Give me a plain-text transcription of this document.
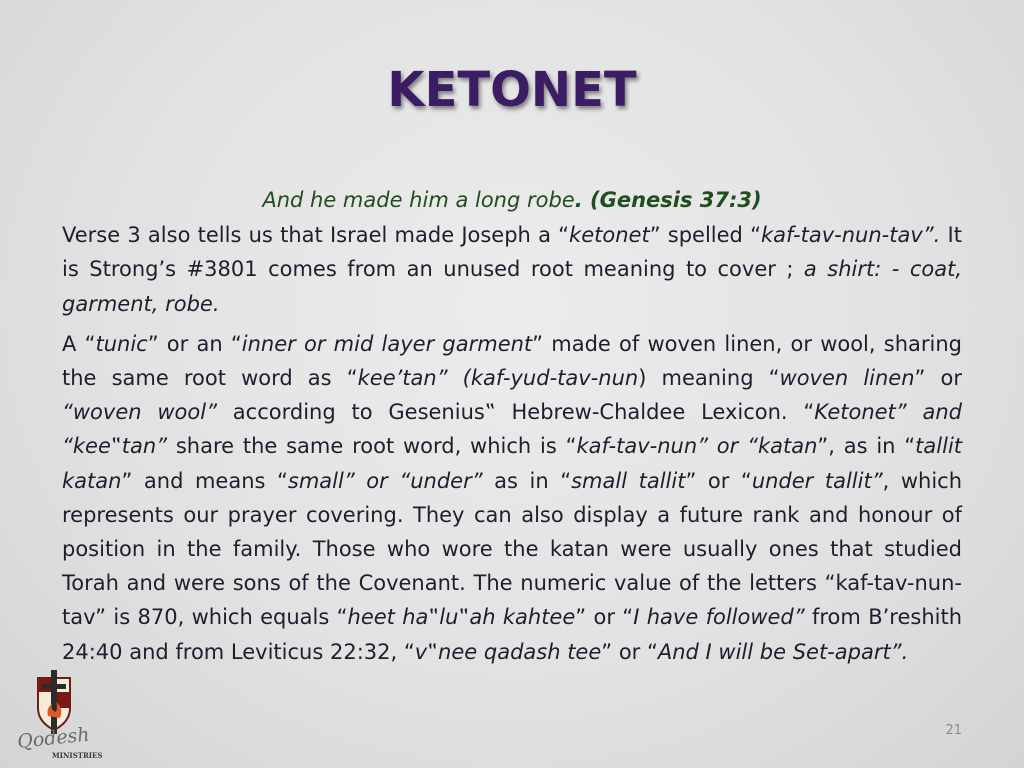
KETONET

And he made him a long robe. (Genesis 37:3)

Verse 3 also tells us that Israel made Joseph a “ketonet” spelled “kaf-tav-nun-tav”. It is Strong’s #3801 comes from an unused root meaning to cover ; a shirt: - coat, garment, robe.

A “tunic” or an “inner or mid layer garment” made of woven linen, or wool, sharing the same root word as “kee’tan” (kaf-yud-tav-nun) meaning “woven linen” or “woven wool” according to Gesenius‟ Hebrew-Chaldee Lexicon. “Ketonet” and “kee‟tan” share the same root word, which is “kaf-tav-nun” or “katan”, as in “tallit katan” and means “small” or “under” as in “small tallit” or “under tallit”, which represents our prayer covering. They can also display a future rank and honour of position in the family. Those who wore the katan were usually ones that studied Torah and were sons of the Covenant. The numeric value of the letters “kaf-tav-nun-tav” is 870, which equals “heet ha‟lu‟ah kahtee” or “I have followed” from B’reshith 24:40 and from Leviticus 22:32, “v‟nee qadash tee” or “And I will be Set-apart”.

21
Qodesh
MINISTRIES
